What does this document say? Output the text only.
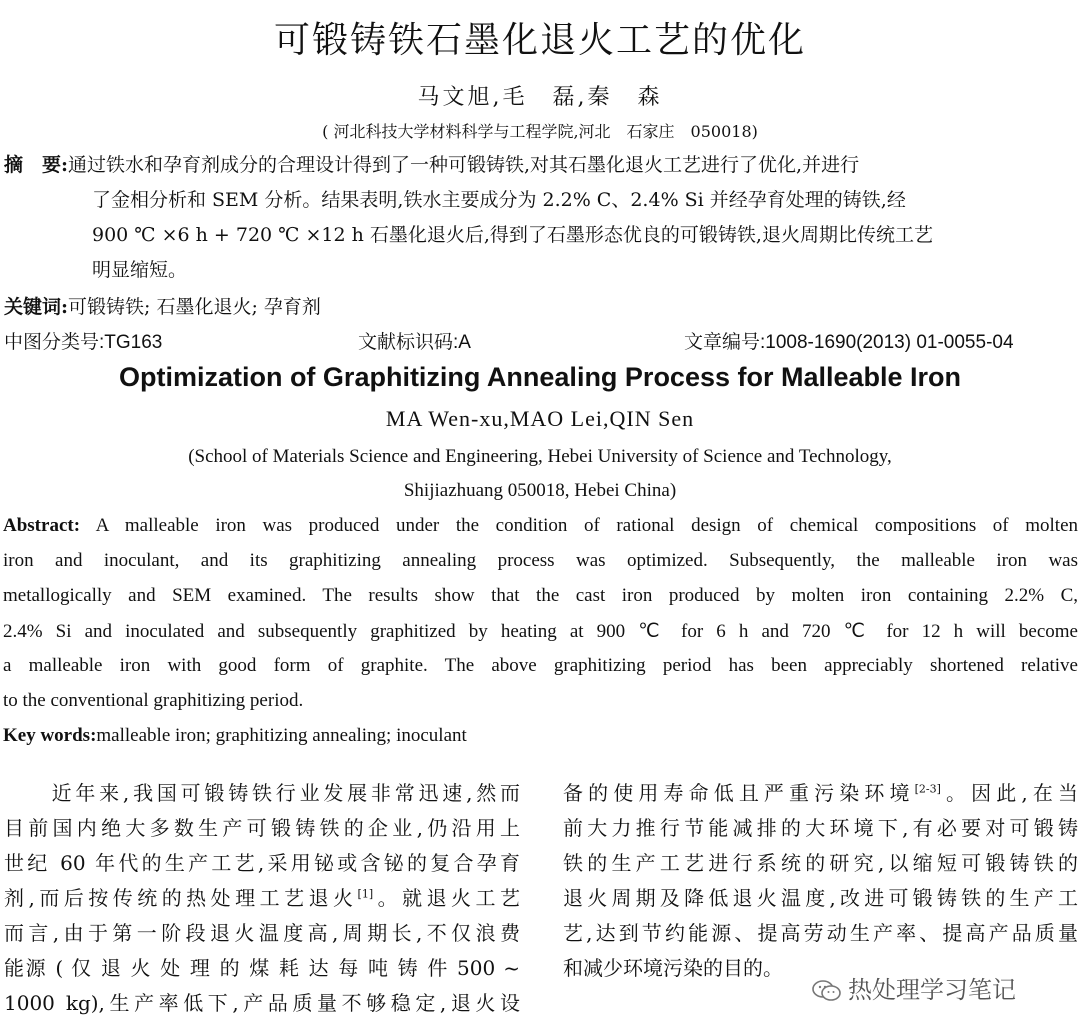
可锻铸铁石墨化退火工艺的优化
马文旭,毛　磊,秦　森
( 河北科技大学材料科学与工程学院,河北　石家庄　050018)
摘　要:通过铁水和孕育剂成分的合理设计得到了一种可锻铸铁,对其石墨化退火工艺进行了优化,并进行
了金相分析和 SEM 分析。结果表明,铁水主要成分为 2.2% C、2.4% Si 并经孕育处理的铸铁,经
900 ℃ ×6 h + 720 ℃ ×12 h 石墨化退火后,得到了石墨形态优良的可锻铸铁,退火周期比传统工艺
明显缩短。
关键词:可锻铸铁; 石墨化退火; 孕育剂
中图分类号:TG163	文献标识码:A	文章编号:1008-1690(2013) 01-0055-04
Optimization of Graphitizing Annealing Process for Malleable Iron
MA Wen-xu,MAO Lei,QIN Sen
(School of Materials Science and Engineering, Hebei University of Science and Technology,
Shijiazhuang 050018, Hebei China)
Abstract: A malleable iron was produced under the condition of rational design of chemical compositions of molten
iron and inoculant, and its graphitizing annealing process was optimized. Subsequently, the malleable iron was
metallogically and SEM examined. The results show that the cast iron produced by molten iron containing 2.2% C,
2.4% Si and inoculated and subsequently graphitized by heating at 900 ℃ for 6 h and 720 ℃ for 12 h will become
a malleable iron with good form of graphite. The above graphitizing period has been appreciably shortened relative
to the conventional graphitizing period.
Key words:malleable iron; graphitizing annealing; inoculant
　　近年来,我国可锻铸铁行业发展非常迅速,然而
目前国内绝大多数生产可锻铸铁的企业,仍沿用上
世纪 60 年代的生产工艺,采用铋或含铋的复合孕育
剂,而后按传统的热处理工艺退火[1]。就退火工艺
而言,由于第一阶段退火温度高,周期长,不仅浪费
能源 ( 仅 退 火 处 理 的 煤 耗 达 每 吨 铸 件 500 ~
1000 kg),生产率低下,产品质量不够稳定,退火设
备的使用寿命低且严重污染环境[2-3]。因此,在当
前大力推行节能减排的大环境下,有必要对可锻铸
铁的生产工艺进行系统的研究,以缩短可锻铸铁的
退火周期及降低退火温度,改进可锻铸铁的生产工
艺,达到节约能源、提高劳动生产率、提高产品质量
和减少环境污染的目的。
热处理学习笔记
